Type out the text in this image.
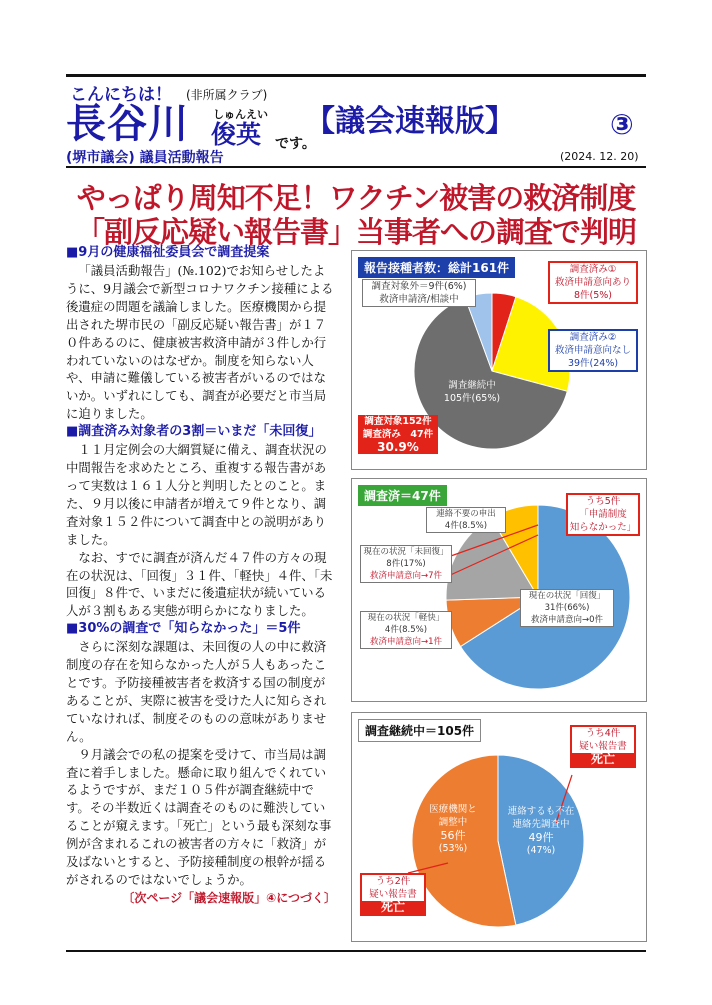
こんにちは！ (非所属クラブ)
長谷川 しゅんえい
俊英 です。
(堺市議会) 議員活動報告
【議会速報版】	③
(2024. 12. 20)
やっぱり周知不足！ワクチン被害の救済制度
「副反応疑い報告書」当事者への調査で判明
■9月の健康福祉委員会で調査提案

「議員活動報告」(№.102)でお知らせしたように、9月議会で新型コロナワクチン接種による後遺症の問題を議論しました。医療機関から提出された堺市民の「副反応疑い報告書」が１７０件あるのに、健康被害救済申請が３件しか行われていないのはなぜか。制度を知らない人や、申請に難儀している被害者がいるのではないか。いずれにしても、調査が必要だと市当局に迫りました。

■調査済み対象者の3割＝いまだ「未回復」

１１月定例会の大綱質疑に備え、調査状況の中間報告を求めたところ、重複する報告書があって実数は１６１人分と判明したとのこと。また、９月以後に申請者が増えて９件となり、調査対象１５２件について調査中との説明がありました。

なお、すでに調査が済んだ４７件の方々の現在の状況は、「回復」３１件、「軽快」４件、「未回復」８件で、いまだに後遺症状が続いている人が３割もある実態が明らかになりました。

■30%の調査で「知らなかった」＝5件

さらに深刻な課題は、未回復の人の中に救済制度の存在を知らなかった人が５人もあったことです。予防接種被害者を救済する国の制度があることが、実際に被害を受けた人に知らされていなければ、制度そのものの意味がありません。

９月議会での私の提案を受けて、市当局は調査に着手しました。懸命に取り組んでくれているようですが、まだ１０５件が調査継続中です。その半数近くは調査そのものに難渋していることが窺えます。「死亡」という最も深刻な事例が含まれるこれの被害者の方々に「救済」が及ばないとすると、予防接種制度の根幹が揺るがされるのではないでしょうか。

〔次ページ「議会速報版」④につづく〕
報告接種者数：総計161件
調査対象外＝9件(6%)
救済申請済/相談中
調査済み①
救済申請意向あり
8件(5%)
調査済み②
救済申請意向なし
39件(24%)
調査継続中
105件(65%)
調査対象152件
調査済み　47件
30.9%
調査済＝47件
連絡不要の申出
4件(8.5%)
現在の状況「未回復」
8件(17%)
救済申請意向→7件
うち5件
「申請制度
知らなかった」
現在の状況「軽快」
4件(8.5%)
救済申請意向→1件
現在の状況「回復」
31件(66%)
救済申請意向→0件
調査継続中＝105件
連絡するも不在
連絡先調査中
49件
(47%)
医療機関と
調整中
56件
(53%)
うち4件
疑い報告書
死亡
うち2件
疑い報告書
死亡
